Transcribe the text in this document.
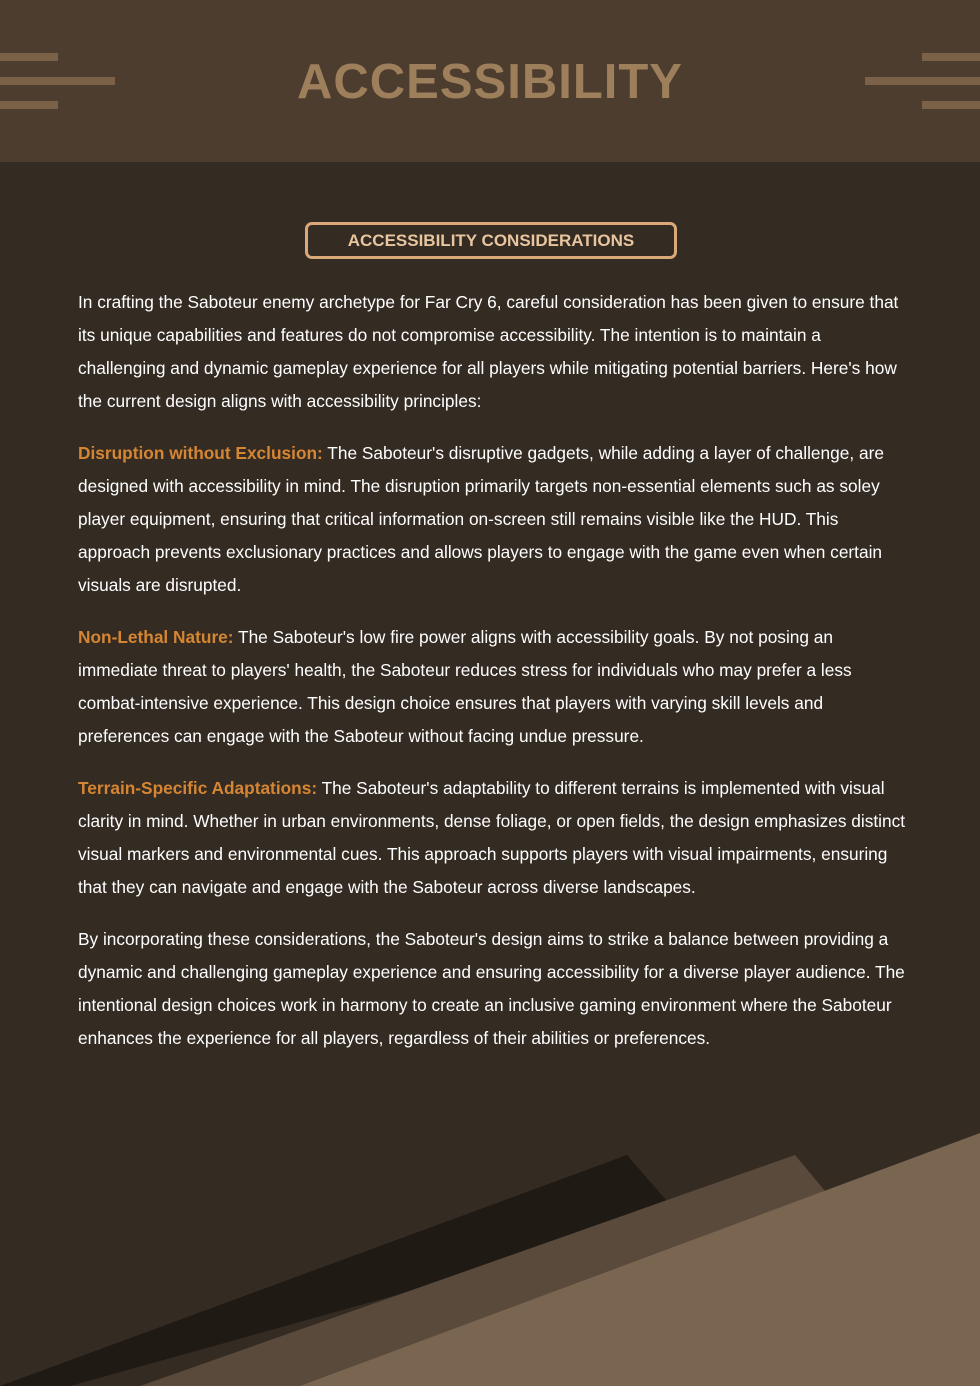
ACCESSIBILITY
ACCESSIBILITY CONSIDERATIONS

In crafting the Saboteur enemy archetype for Far Cry 6, careful consideration has been given to ensure that its unique capabilities and features do not compromise accessibility. The intention is to maintain a challenging and dynamic gameplay experience for all players while mitigating potential barriers. Here's how the current design aligns with accessibility principles:

Disruption without Exclusion: The Saboteur's disruptive gadgets, while adding a layer of challenge, are designed with accessibility in mind. The disruption primarily targets non-essential elements such as soley player equipment, ensuring that critical information on-screen still remains visible like the HUD. This approach prevents exclusionary practices and allows players to engage with the game even when certain visuals are disrupted.

Non-Lethal Nature: The Saboteur's low fire power aligns with accessibility goals. By not posing an immediate threat to players' health, the Saboteur reduces stress for individuals who may prefer a less combat-intensive experience. This design choice ensures that players with varying skill levels and preferences can engage with the Saboteur without facing undue pressure.

Terrain-Specific Adaptations: The Saboteur's adaptability to different terrains is implemented with visual clarity in mind. Whether in urban environments, dense foliage, or open fields, the design emphasizes distinct visual markers and environmental cues. This approach supports players with visual impairments, ensuring that they can navigate and engage with the Saboteur across diverse landscapes.

By incorporating these considerations, the Saboteur's design aims to strike a balance between providing a dynamic and challenging gameplay experience and ensuring accessibility for a diverse player audience. The intentional design choices work in harmony to create an inclusive gaming environment where the Saboteur enhances the experience for all players, regardless of their abilities or preferences.
